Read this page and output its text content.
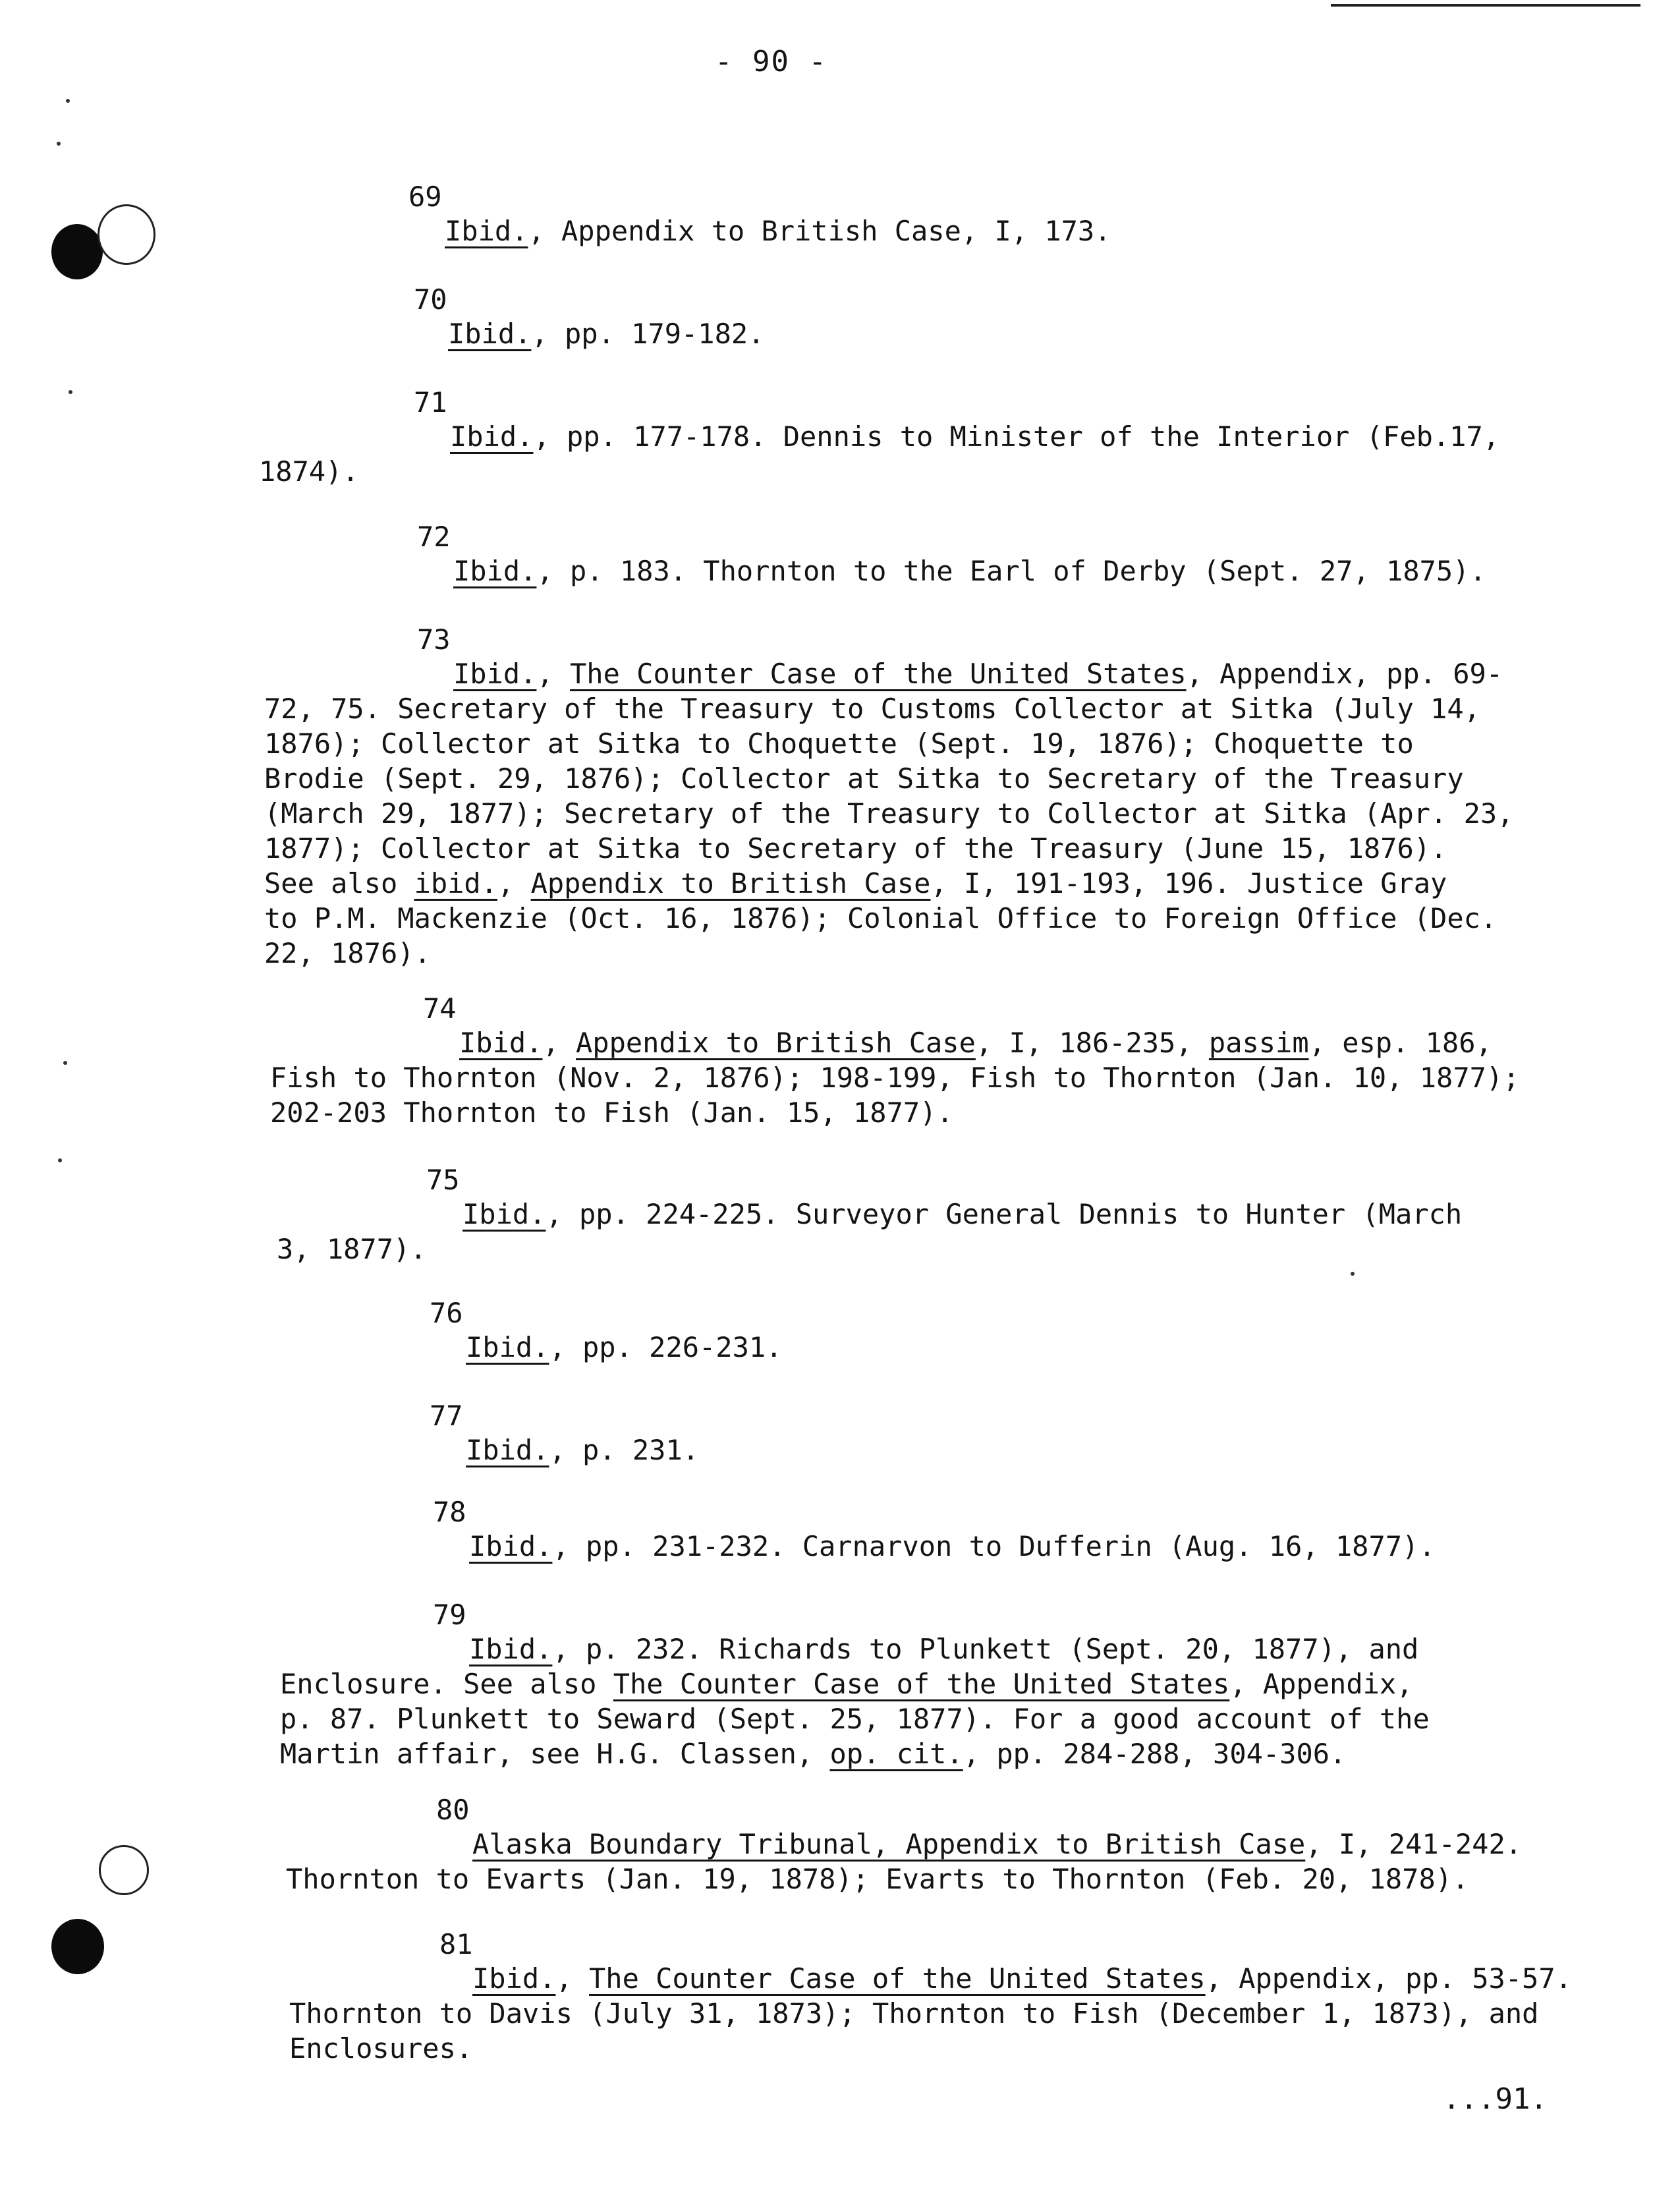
- 90 -
69
Ibid., Appendix to British Case, I, 173.
70
Ibid., pp. 179-182.
71
Ibid., pp. 177-178. Dennis to Minister of the Interior (Feb.17,
1874).
72
Ibid., p. 183. Thornton to the Earl of Derby (Sept. 27, 1875).
73
Ibid., The Counter Case of the United States, Appendix, pp. 69-
72, 75. Secretary of the Treasury to Customs Collector at Sitka (July 14,
1876); Collector at Sitka to Choquette (Sept. 19, 1876); Choquette to
Brodie (Sept. 29, 1876); Collector at Sitka to Secretary of the Treasury
(March 29, 1877); Secretary of the Treasury to Collector at Sitka (Apr. 23,
1877); Collector at Sitka to Secretary of the Treasury (June 15, 1876).
See also ibid., Appendix to British Case, I, 191-193, 196. Justice Gray
to P.M. Mackenzie (Oct. 16, 1876); Colonial Office to Foreign Office (Dec.
22, 1876).
74
Ibid., Appendix to British Case, I, 186-235, passim, esp. 186,
Fish to Thornton (Nov. 2, 1876); 198-199, Fish to Thornton (Jan. 10, 1877);
202-203 Thornton to Fish (Jan. 15, 1877).
75
Ibid., pp. 224-225. Surveyor General Dennis to Hunter (March
3, 1877).
76
Ibid., pp. 226-231.
77
Ibid., p. 231.
78
Ibid., pp. 231-232. Carnarvon to Dufferin (Aug. 16, 1877).
79
Ibid., p. 232. Richards to Plunkett (Sept. 20, 1877), and
Enclosure. See also The Counter Case of the United States, Appendix,
p. 87. Plunkett to Seward (Sept. 25, 1877). For a good account of the
Martin affair, see H.G. Classen, op. cit., pp. 284-288, 304-306.
80
Alaska Boundary Tribunal, Appendix to British Case, I, 241-242.
Thornton to Evarts (Jan. 19, 1878); Evarts to Thornton (Feb. 20, 1878).
81
Ibid., The Counter Case of the United States, Appendix, pp. 53-57.
Thornton to Davis (July 31, 1873); Thornton to Fish (December 1, 1873), and
Enclosures.
...91.
